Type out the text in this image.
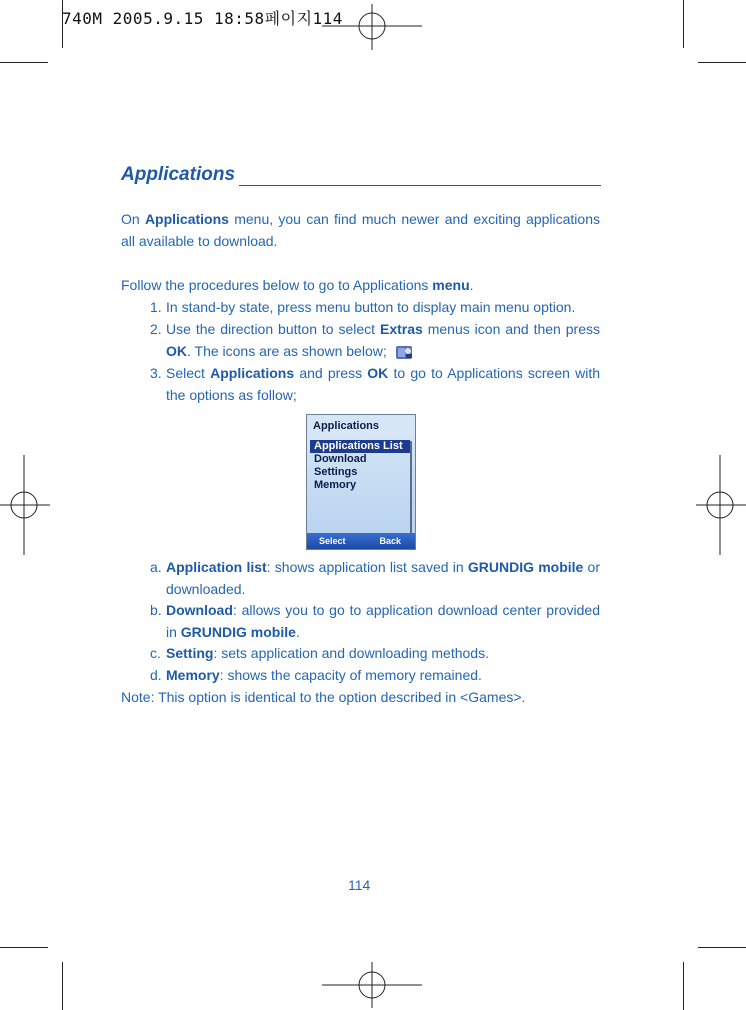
740M 2005.9.15 18:58페이지114
Applications
On Applications menu, you can find much newer and exciting applications all available to download.
Follow the procedures below to go to Applications menu.
1. In stand-by state, press menu button to display main menu option.
2. Use the direction button to select Extras menus icon and then press OK. The icons are as shown below;
3. Select Applications and press OK to go to Applications screen with the options as follow;
Applications
Applications List
Download
Settings
Memory
Select	Back
a. Application list: shows application list saved in GRUNDIG mobile or downloaded.
b. Download: allows you to go to application download center provided in GRUNDIG mobile.
c. Setting: sets application and downloading methods.
d. Memory: shows the capacity of memory remained.
Note: This option is identical to the option described in <Games>.
114
